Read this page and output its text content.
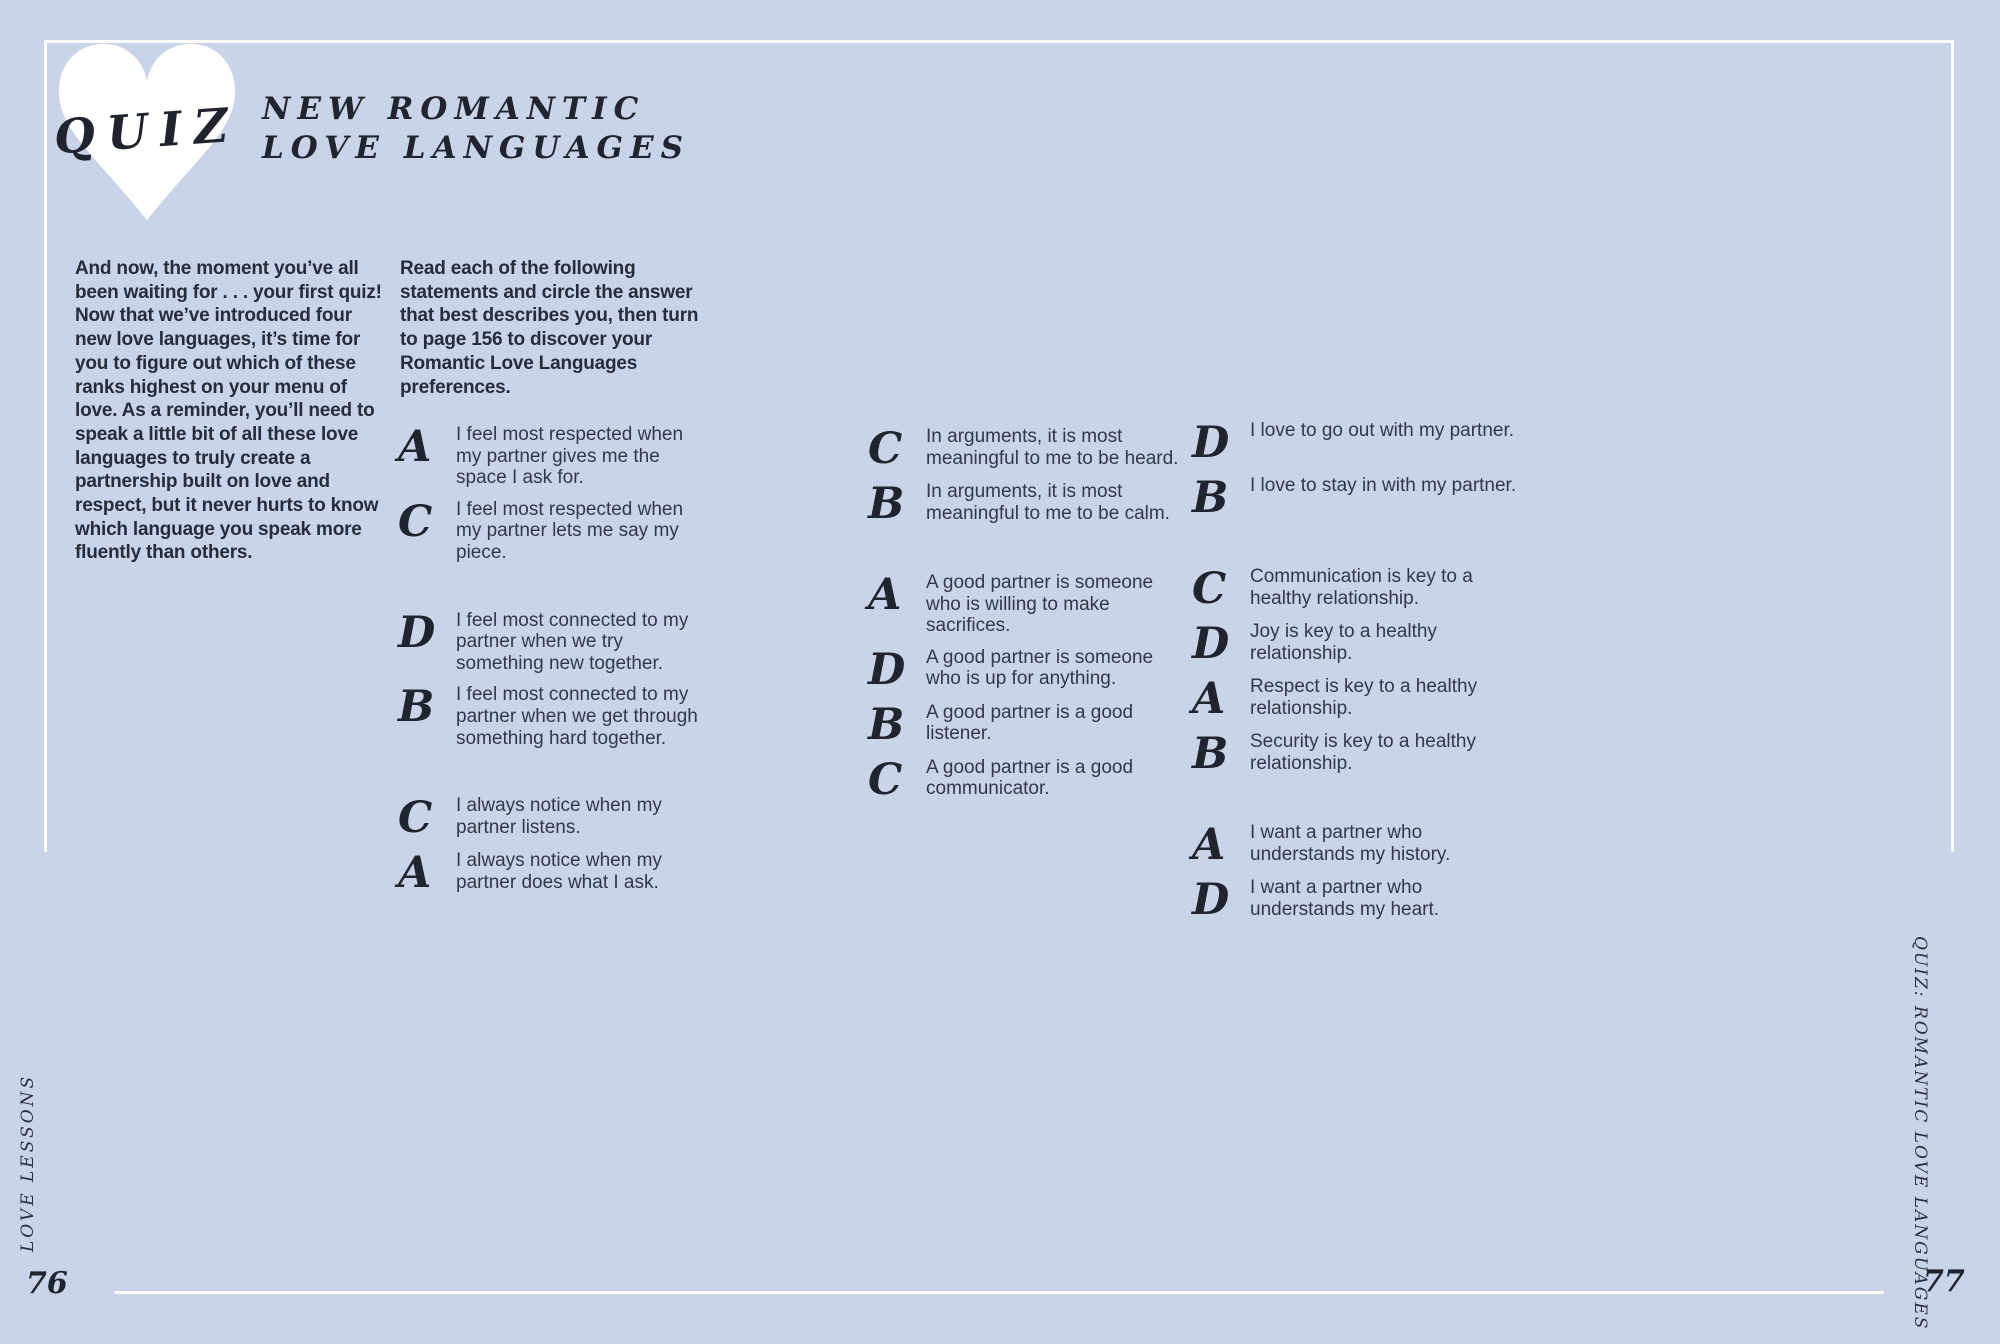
QUIZ NEW ROMANTIC
LOVE LANGUAGES
And now, the moment you’ve all been waiting for . . . your first quiz! Now that we’ve introduced four new love languages, it’s time for you to figure out which of these ranks highest on your menu of love. As a reminder, you’ll need to speak a little bit of all these love languages to truly create a partnership built on love and respect, but it never hurts to know which language you speak more fluently than others.
Read each of the following statements and circle the answer that best describes you, then turn to page 156 to discover your Romantic Love Languages preferences.
A	I feel most respected when my partner gives me the space I ask for.
C	I feel most respected when my partner lets me say my piece.
D	I feel most connected to my partner when we try something new together.
B	I feel most connected to my partner when we get through something hard together.
C	I always notice when my partner listens.
A	I always notice when my partner does what I ask.
C	In arguments, it is most meaningful to me to be heard.
B	In arguments, it is most meaningful to me to be calm.
A	A good partner is someone who is willing to make sacrifices.
D	A good partner is someone who is up for anything.
B	A good partner is a good listener.
C	A good partner is a good communicator.
D	I love to go out with my partner.
B	I love to stay in with my partner.
C	Communication is key to a healthy relationship.
D	Joy is key to a healthy relationship.
A	Respect is key to a healthy relationship.
B	Security is key to a healthy relationship.
A	I want a partner who understands my history.
D	I want a partner who understands my heart.
LOVE LESSONS	QUIZ: ROMANTIC LOVE LANGUAGES
76	77
